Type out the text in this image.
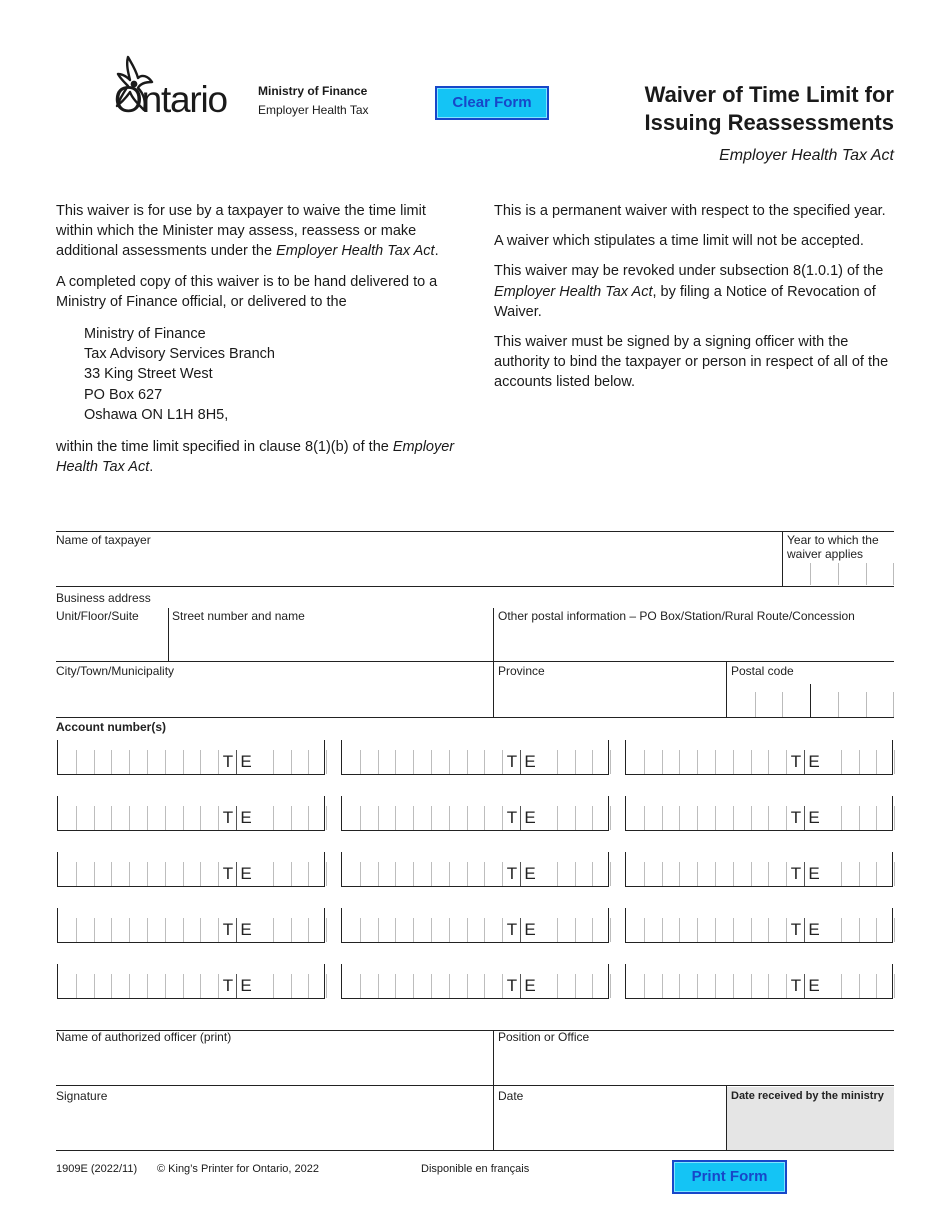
Ontario	Ministry of Finance
Employer Health Tax	Clear Form	Waiver of Time Limit for
Issuing Reassessments
Employer Health Tax Act

This waiver is for use by a taxpayer to waive the time limit within which the Minister may assess, reassess or make additional assessments under the Employer Health Tax Act.

A completed copy of this waiver is to be hand delivered to a Ministry of Finance official, or delivered to the

Ministry of Finance
Tax Advisory Services Branch
33 King Street West
PO Box 627
Oshawa ON L1H 8H5,

within the time limit specified in clause 8(1)(b) of the Employer Health Tax Act.

This is a permanent waiver with respect to the specified year.

A waiver which stipulates a time limit will not be accepted.

This waiver may be revoked under subsection 8(1.0.1) of the Employer Health Tax Act, by filing a Notice of Revocation of Waiver.

This waiver must be signed by a signing officer with the authority to bind the taxpayer or person in respect of all of the accounts listed below.

Name of taxpayer	Year to which the
waiver applies
Business address
Unit/Floor/Suite	Street number and name	Other postal information – PO Box/Station/Rural Route/Concession
City/Town/Municipality	Province	Postal code
Account number(s)
T E	T E	T E
T E	T E	T E
T E	T E	T E
T E	T E	T E
T E	T E	T E
Name of authorized officer (print)	Position or Office
Signature	Date	Date received by the ministry
1909E (2022/11) © King’s Printer for Ontario, 2022	Disponible en français	Print Form
